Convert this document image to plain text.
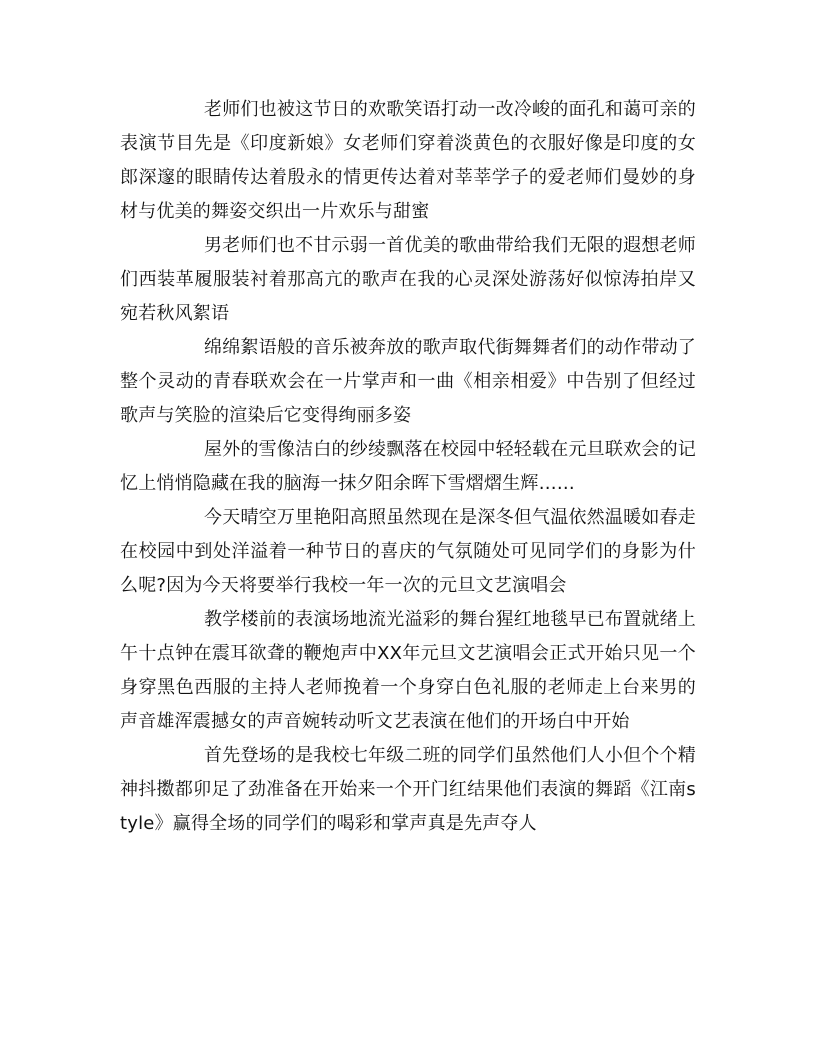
老师们也被这节日的欢歌笑语打动一改冷峻的面孔和蔼可亲的表演节目先是《印度新娘》女老师们穿着淡黄色的衣服好像是印度的女郎深邃的眼睛传达着殷永的情更传达着对莘莘学子的爱老师们曼妙的身材与优美的舞姿交织出一片欢乐与甜蜜

男老师们也不甘示弱一首优美的歌曲带给我们无限的遐想老师们西装革履服装衬着那高亢的歌声在我的心灵深处游荡好似惊涛拍岸又宛若秋风絮语

绵绵絮语般的音乐被奔放的歌声取代街舞舞者们的动作带动了整个灵动的青春联欢会在一片掌声和一曲《相亲相爱》中告别了但经过歌声与笑脸的渲染后它变得绚丽多姿

屋外的雪像洁白的纱绫飘落在校园中轻轻载在元旦联欢会的记忆上悄悄隐藏在我的脑海一抹夕阳余晖下雪熠熠生辉……

今天晴空万里艳阳高照虽然现在是深冬但气温依然温暖如春走在校园中到处洋溢着一种节日的喜庆的气氛随处可见同学们的身影为什么呢?因为今天将要举行我校一年一次的元旦文艺演唱会

教学楼前的表演场地流光溢彩的舞台猩红地毯早已布置就绪上午十点钟在震耳欲聋的鞭炮声中XX年元旦文艺演唱会正式开始只见一个身穿黑色西服的主持人老师挽着一个身穿白色礼服的老师走上台来男的声音雄浑震撼女的声音婉转动听文艺表演在他们的开场白中开始

首先登场的是我校七年级二班的同学们虽然他们人小但个个精神抖擞都卯足了劲准备在开始来一个开门红结果他们表演的舞蹈《江南style》赢得全场的同学们的喝彩和掌声真是先声夺人
